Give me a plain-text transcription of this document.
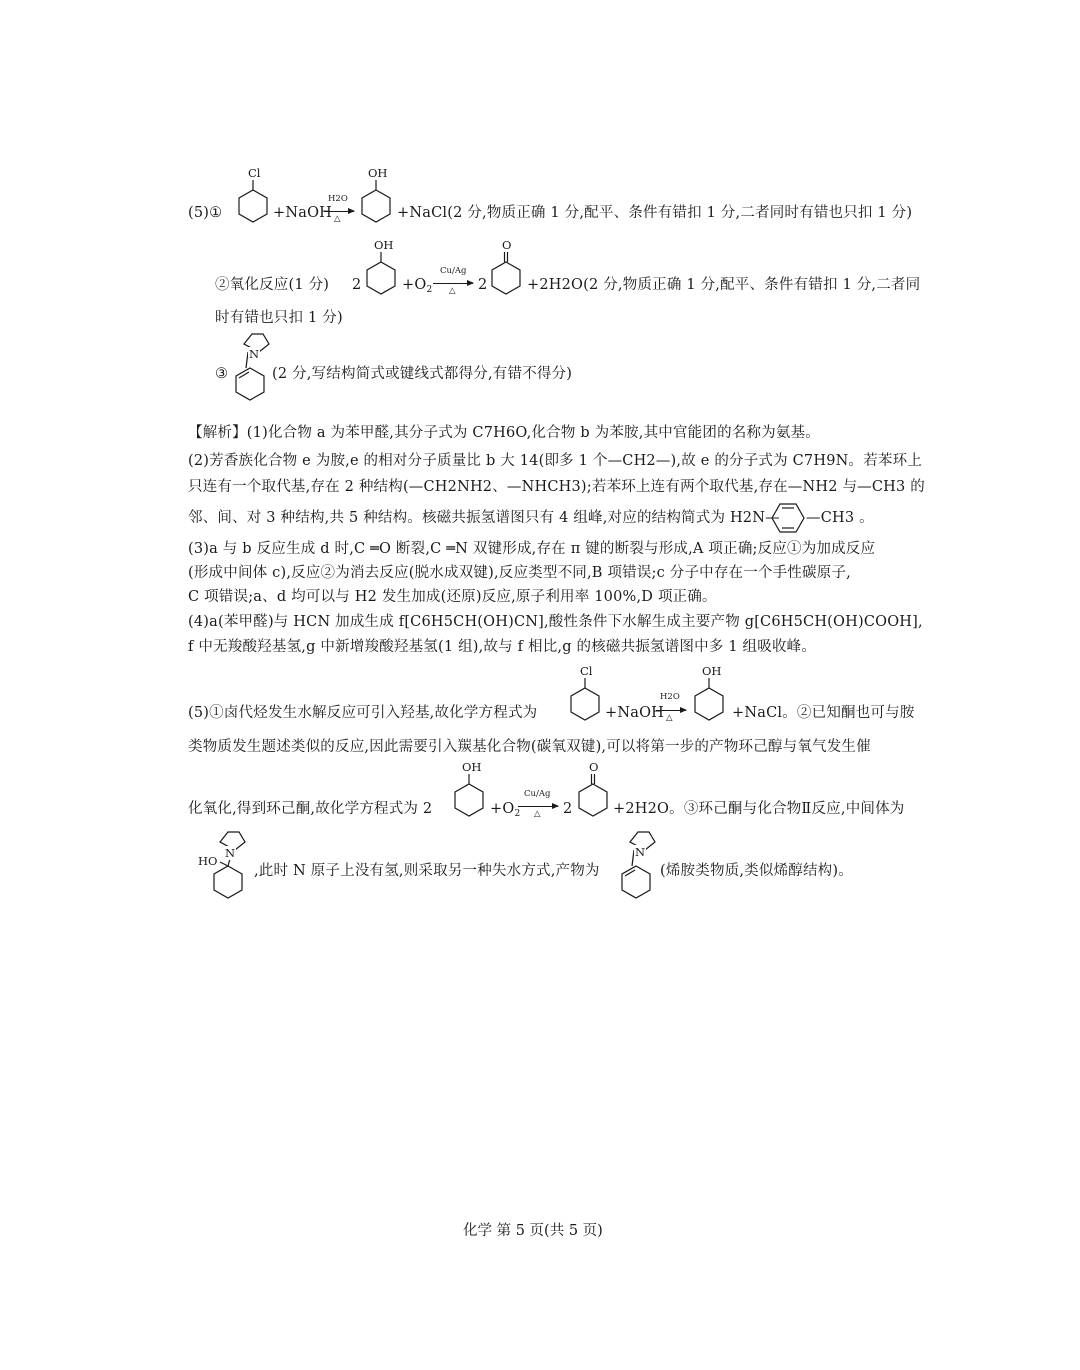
(5)①
Cl
+NaOH
H2O
△
OH
+NaCl(2 分,物质正确 1 分,配平、条件有错扣 1 分,二者同时有错也只扣 1 分)
②氧化反应(1 分) 2
OH
$+O_2$
Cu/Ag
△ 2
O
+2H2O(2 分,物质正确 1 分,配平、条件有错扣 1 分,二者同
时有错也只扣 1 分)
③
N
(2 分,写结构简式或键线式都得分,有错不得分)
【解析】(1)化合物 a 为苯甲醛,其分子式为 C7H6O,化合物 b 为苯胺,其中官能团的名称为氨基。
(2)芳香族化合物 e 为胺,e 的相对分子质量比 b 大 14(即多 1 个—CH2—),故 e 的分子式为 C7H9N。若苯环上
只连有一个取代基,存在 2 种结构(—CH2NH2、—NHCH3);若苯环上连有两个取代基,存在—NH2 与—CH3 的
邻、间、对 3 种结构,共 5 种结构。核磁共振氢谱图只有 4 组峰,对应的结构简式为 H2N— —CH3 。
(3)a 与 b 反应生成 d 时,C ═O 断裂,C ═N 双键形成,存在 π 键的断裂与形成,A 项正确;反应①为加成反应
(形成中间体 c),反应②为消去反应(脱水成双键),反应类型不同,B 项错误;c 分子中存在一个手性碳原子,
C 项错误;a、d 均可以与 H2 发生加成(还原)反应,原子利用率 100%,D 项正确。
(4)a(苯甲醛)与 HCN 加成生成 f[C6H5CH(OH)CN],酸性条件下水解生成主要产物 g[C6H5CH(OH)COOH],
f 中无羧酸羟基氢,g 中新增羧酸羟基氢(1 组),故与 f 相比,g 的核磁共振氢谱图中多 1 组吸收峰。
(5)①卤代烃发生水解反应可引入羟基,故化学方程式为
Cl
+NaOH
H2O
△
OH
+NaCl。②已知酮也可与胺
类物质发生题述类似的反应,因此需要引入羰基化合物(碳氧双键),可以将第一步的产物环己醇与氧气发生催
化氧化,得到环己酮,故化学方程式为 2
OH
$+O_2$
Cu/Ag
△ 2
O
+2H2O。③环己酮与化合物Ⅱ反应,中间体为
HO
N
,此时 N 原子上没有氢,则采取另一种失水方式,产物为
N
(烯胺类物质,类似烯醇结构)。
化学 第 5 页(共 5 页)
